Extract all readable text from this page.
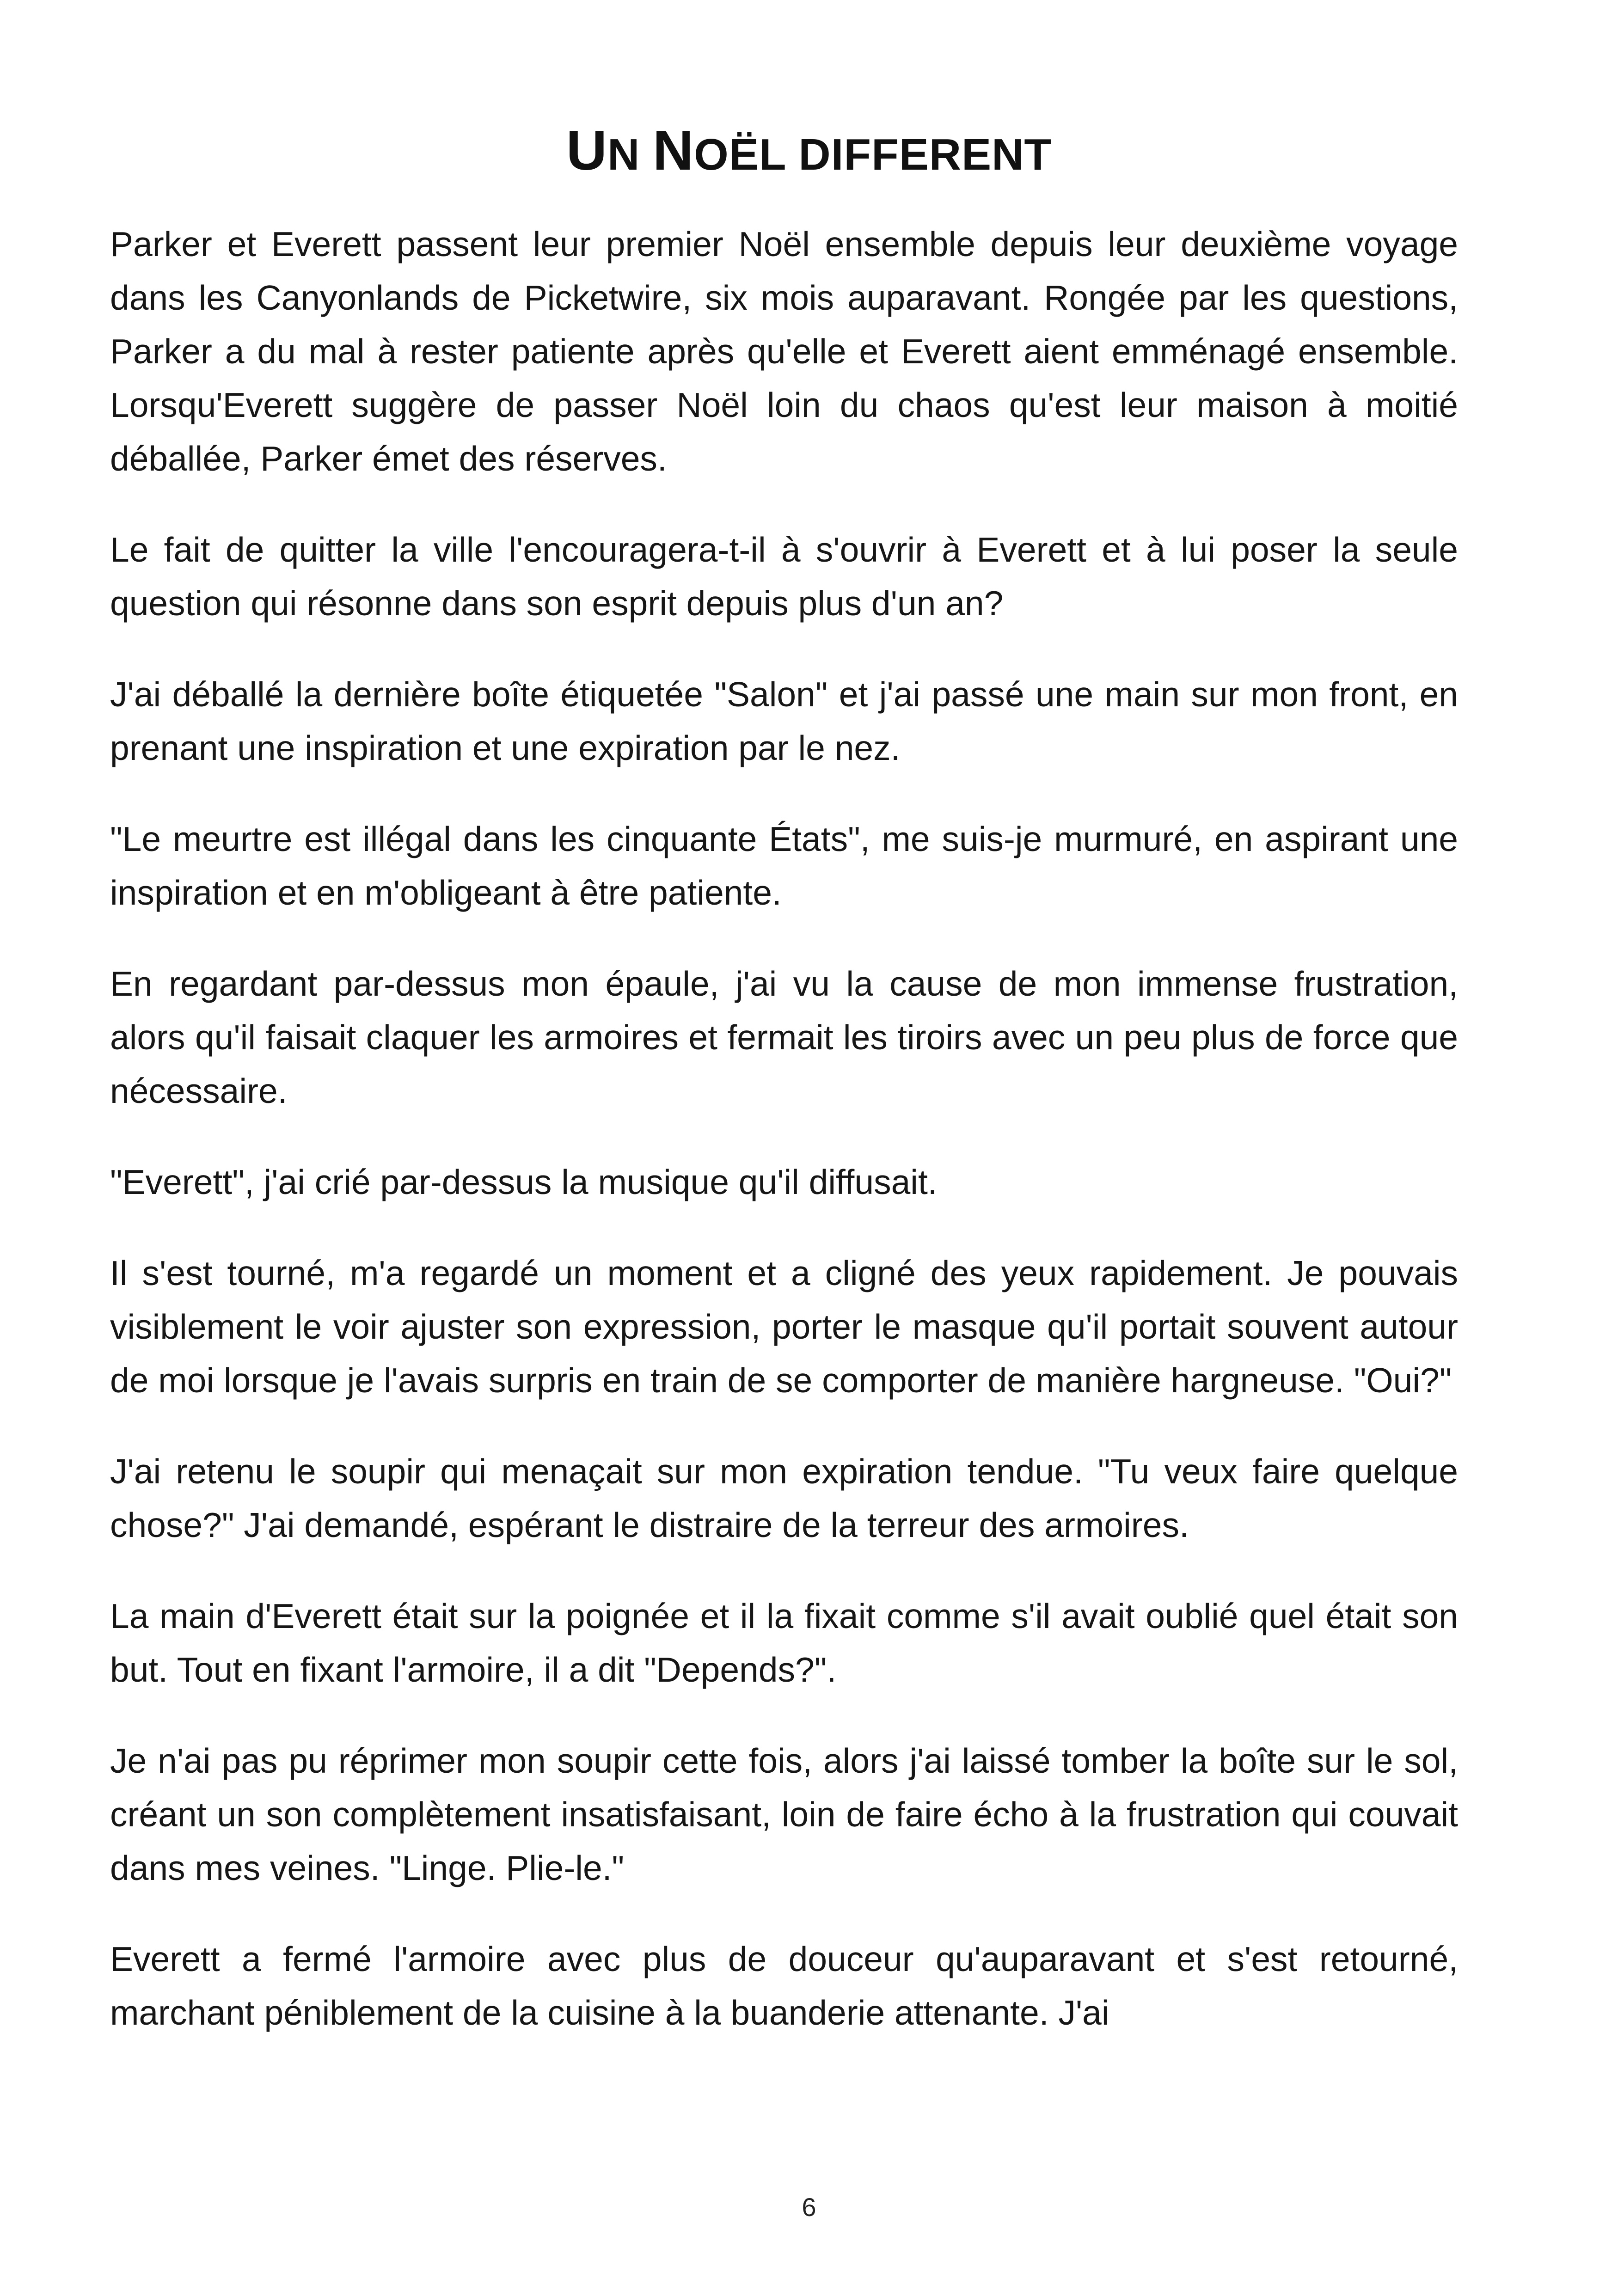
UN NOËL DIFFERENT

Parker et Everett passent leur premier Noël ensemble depuis leur deuxième voyage dans les Canyonlands de Picketwire, six mois auparavant. Rongée par les questions, Parker a du mal à rester patiente après qu'elle et Everett aient emménagé ensemble. Lorsqu'Everett suggère de passer Noël loin du chaos qu'est leur maison à moitié déballée, Parker émet des réserves.

Le fait de quitter la ville l'encouragera-t-il à s'ouvrir à Everett et à lui poser la seule question qui résonne dans son esprit depuis plus d'un an?

J'ai déballé la dernière boîte étiquetée "Salon" et j'ai passé une main sur mon front, en prenant une inspiration et une expiration par le nez.

"Le meurtre est illégal dans les cinquante États", me suis-je murmuré, en aspirant une inspiration et en m'obligeant à être patiente.

En regardant par-dessus mon épaule, j'ai vu la cause de mon immense frustration, alors qu'il faisait claquer les armoires et fermait les tiroirs avec un peu plus de force que nécessaire.

"Everett", j'ai crié par-dessus la musique qu'il diffusait.

Il s'est tourné, m'a regardé un moment et a cligné des yeux rapidement. Je pouvais visiblement le voir ajuster son expression, porter le masque qu'il portait souvent autour de moi lorsque je l'avais surpris en train de se comporter de manière hargneuse. "Oui?"

J'ai retenu le soupir qui menaçait sur mon expiration tendue. "Tu veux faire quelque chose?" J'ai demandé, espérant le distraire de la terreur des armoires.

La main d'Everett était sur la poignée et il la fixait comme s'il avait oublié quel était son but. Tout en fixant l'armoire, il a dit "Depends?".

Je n'ai pas pu réprimer mon soupir cette fois, alors j'ai laissé tomber la boîte sur le sol, créant un son complètement insatisfaisant, loin de faire écho à la frustration qui couvait dans mes veines. "Linge. Plie-le."

Everett a fermé l'armoire avec plus de douceur qu'auparavant et s'est retourné, marchant péniblement de la cuisine à la buanderie attenante. J'ai

6
